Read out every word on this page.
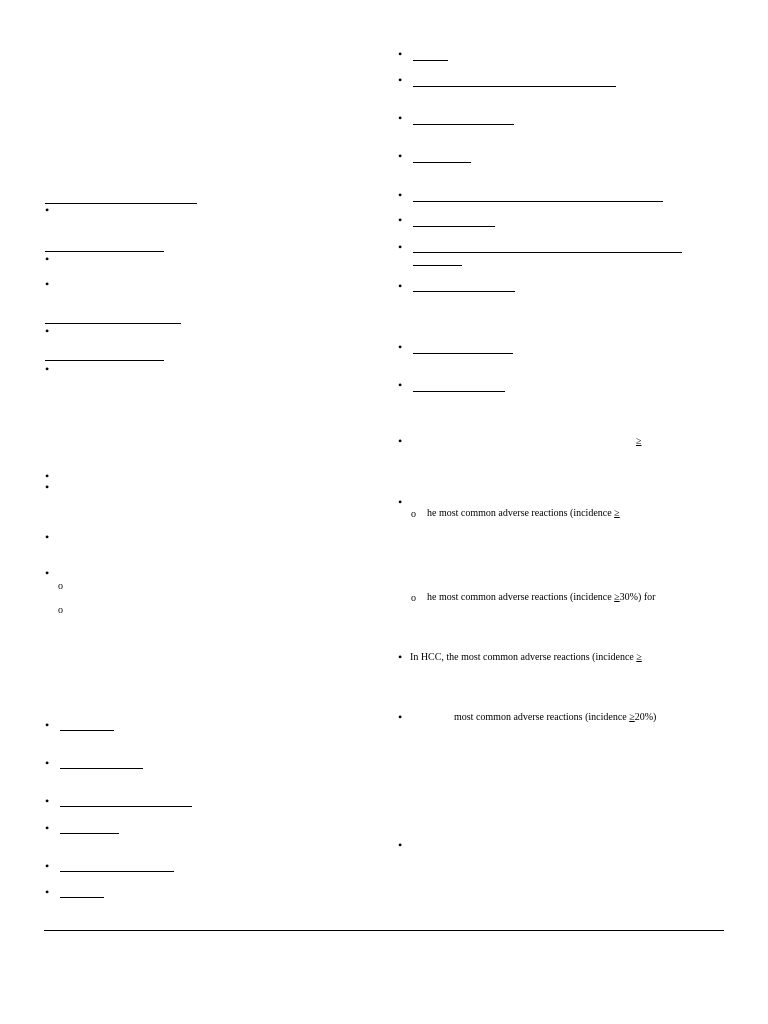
•
•
•
•
•
•
•
•
•
o
o
•
•
•
•
•
•
•
•
•
•
•
•
•
•
•
•
•	≥
•
o he most common adverse reactions (incidence ≥
o he most common adverse reactions (incidence ≥30%) for
• In HCC, the most common adverse reactions (incidence ≥
•	most common adverse reactions (incidence ≥20%)
•
